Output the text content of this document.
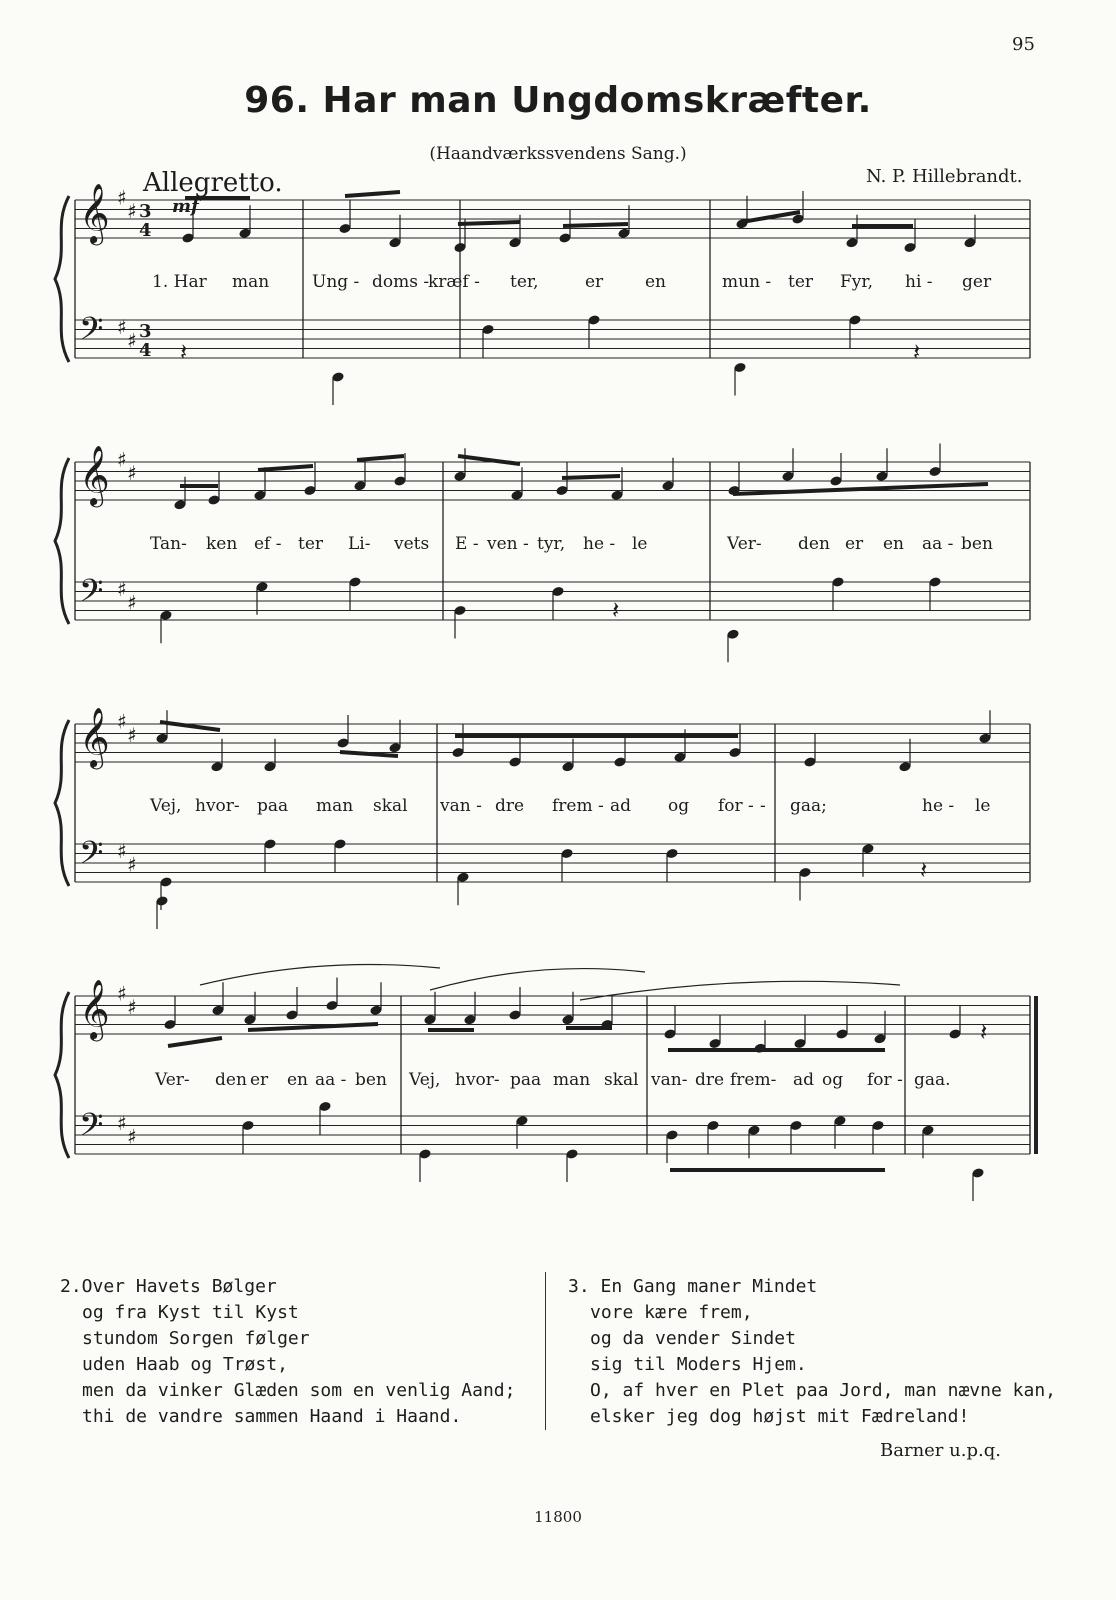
95
96. Har man Ungdomskræfter.
(Haandværkssvendens Sang.)
Allegretto.	N. P. Hillebrandt.
𝄞
𝄢
♯
♯
♯
♯
3
4
3
4
𝄞
𝄢
♯
♯
♯
♯
𝄞
𝄢
♯
♯
♯
♯
𝄞
𝄢
♯
♯
♯
♯
𝄽	𝄽
𝄽
𝄽
𝄽
mf
1. Har man	Ung - doms -
kræf - ter,	er en	mun - ter Fyr, hi - ger
Tan- ken ef - ter Li- vets E - ven - tyr, he - le	Ver- den er en aa - ben
Vej, hvor- paa man skal van - dre frem - ad og for - - gaa;	he - le
Ver- den er en aa - ben Vej, hvor- paa man skal van- dre frem- ad og for - gaa.
2.Over Havets Bølger
og fra Kyst til Kyst
stundom Sorgen følger
uden Haab og Trøst,
men da vinker Glæden som en venlig Aand;
thi de vandre sammen Haand i Haand.
3. En Gang maner Mindet
vore kære frem,
og da vender Sindet
sig til Moders Hjem.
O, af hver en Plet paa Jord, man nævne kan,
elsker jeg dog højst mit Fædreland!
Barner u.p.q.
11800
